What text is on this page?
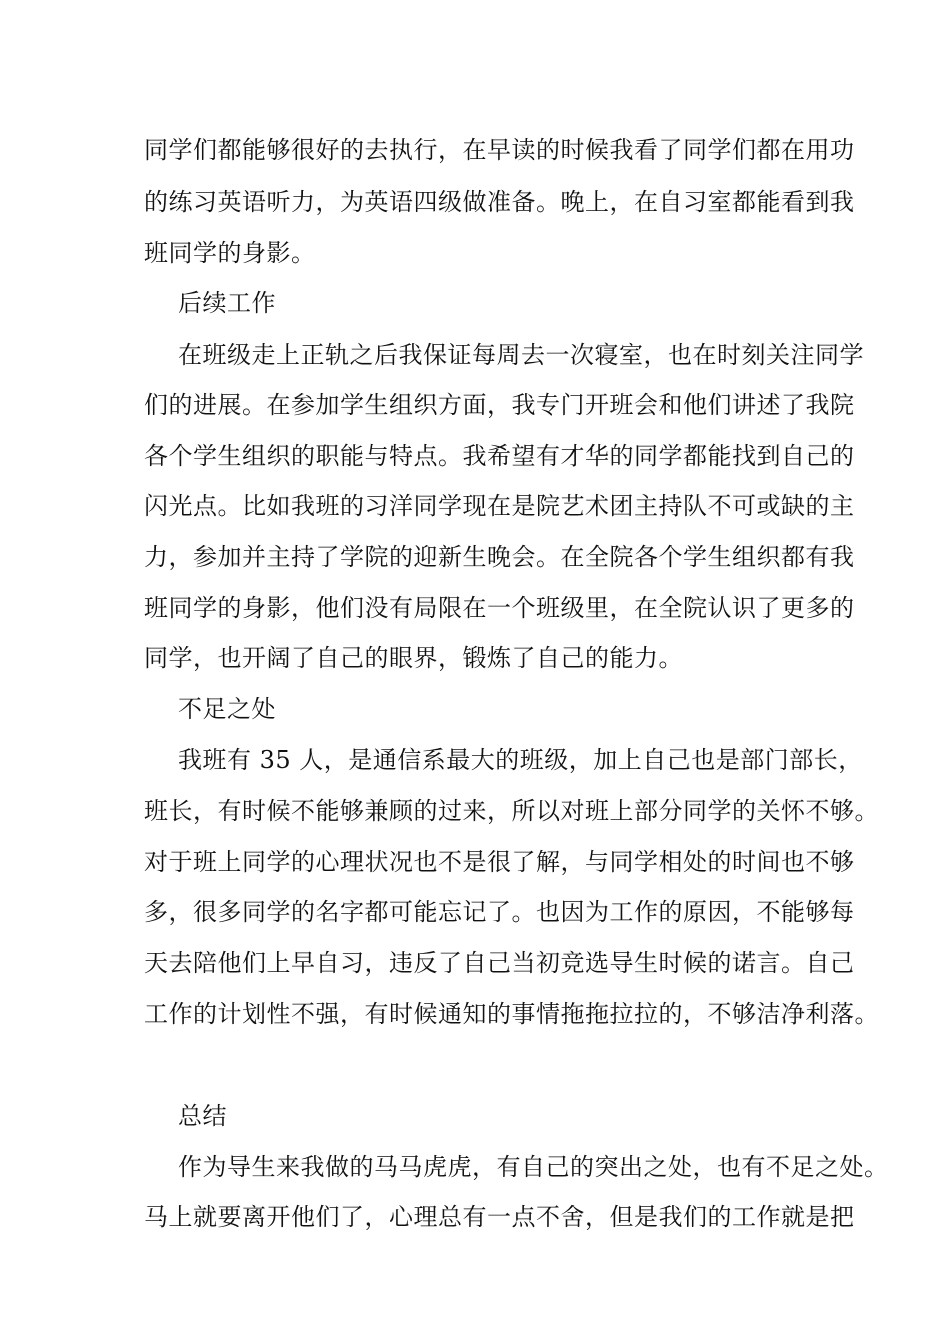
同学们都能够很好的去执行，在早读的时候我看了同学们都在用功
的练习英语听力，为英语四级做准备。晚上，在自习室都能看到我
班同学的身影。
后续工作
在班级走上正轨之后我保证每周去一次寝室，也在时刻关注同学
们的进展。在参加学生组织方面，我专门开班会和他们讲述了我院
各个学生组织的职能与特点。我希望有才华的同学都能找到自己的
闪光点。比如我班的习洋同学现在是院艺术团主持队不可或缺的主
力，参加并主持了学院的迎新生晚会。在全院各个学生组织都有我
班同学的身影，他们没有局限在一个班级里，在全院认识了更多的
同学，也开阔了自己的眼界，锻炼了自己的能力。
不足之处
我班有 35 人，是通信系最大的班级，加上自己也是部门部长，
班长，有时候不能够兼顾的过来，所以对班上部分同学的关怀不够。
对于班上同学的心理状况也不是很了解，与同学相处的时间也不够
多，很多同学的名字都可能忘记了。也因为工作的原因，不能够每
天去陪他们上早自习，违反了自己当初竞选导生时候的诺言。自己
工作的计划性不强，有时候通知的事情拖拖拉拉的，不够洁净利落。
总结
作为导生来我做的马马虎虎，有自己的突出之处，也有不足之处。
马上就要离开他们了，心理总有一点不舍，但是我们的工作就是把
